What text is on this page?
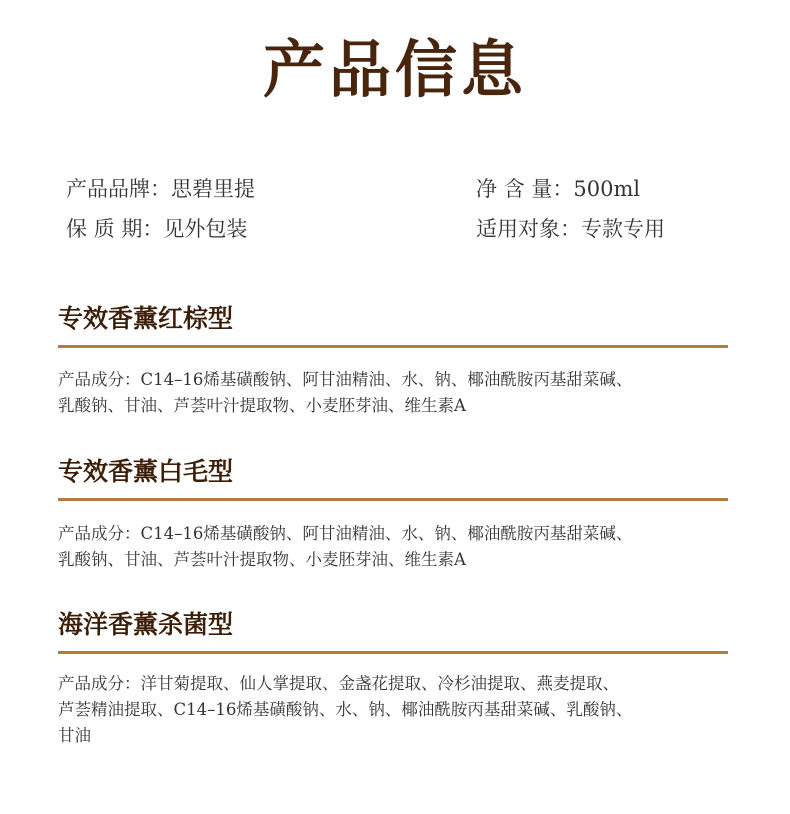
产品信息
产品品牌：思碧里提	净 含 量：500ml
保 质 期：见外包装	适用对象：专款专用
专效香薰红棕型
产品成分：C14–16烯基磺酸钠、阿甘油精油、水、钠、椰油酰胺丙基甜菜碱、
乳酸钠、甘油、芦荟叶汁提取物、小麦胚芽油、维生素A
专效香薰白毛型
产品成分：C14–16烯基磺酸钠、阿甘油精油、水、钠、椰油酰胺丙基甜菜碱、
乳酸钠、甘油、芦荟叶汁提取物、小麦胚芽油、维生素A
海洋香薰杀菌型
产品成分：洋甘菊提取、仙人掌提取、金盏花提取、冷杉油提取、燕麦提取、
芦荟精油提取、C14–16烯基磺酸钠、水、钠、椰油酰胺丙基甜菜碱、乳酸钠、
甘油
